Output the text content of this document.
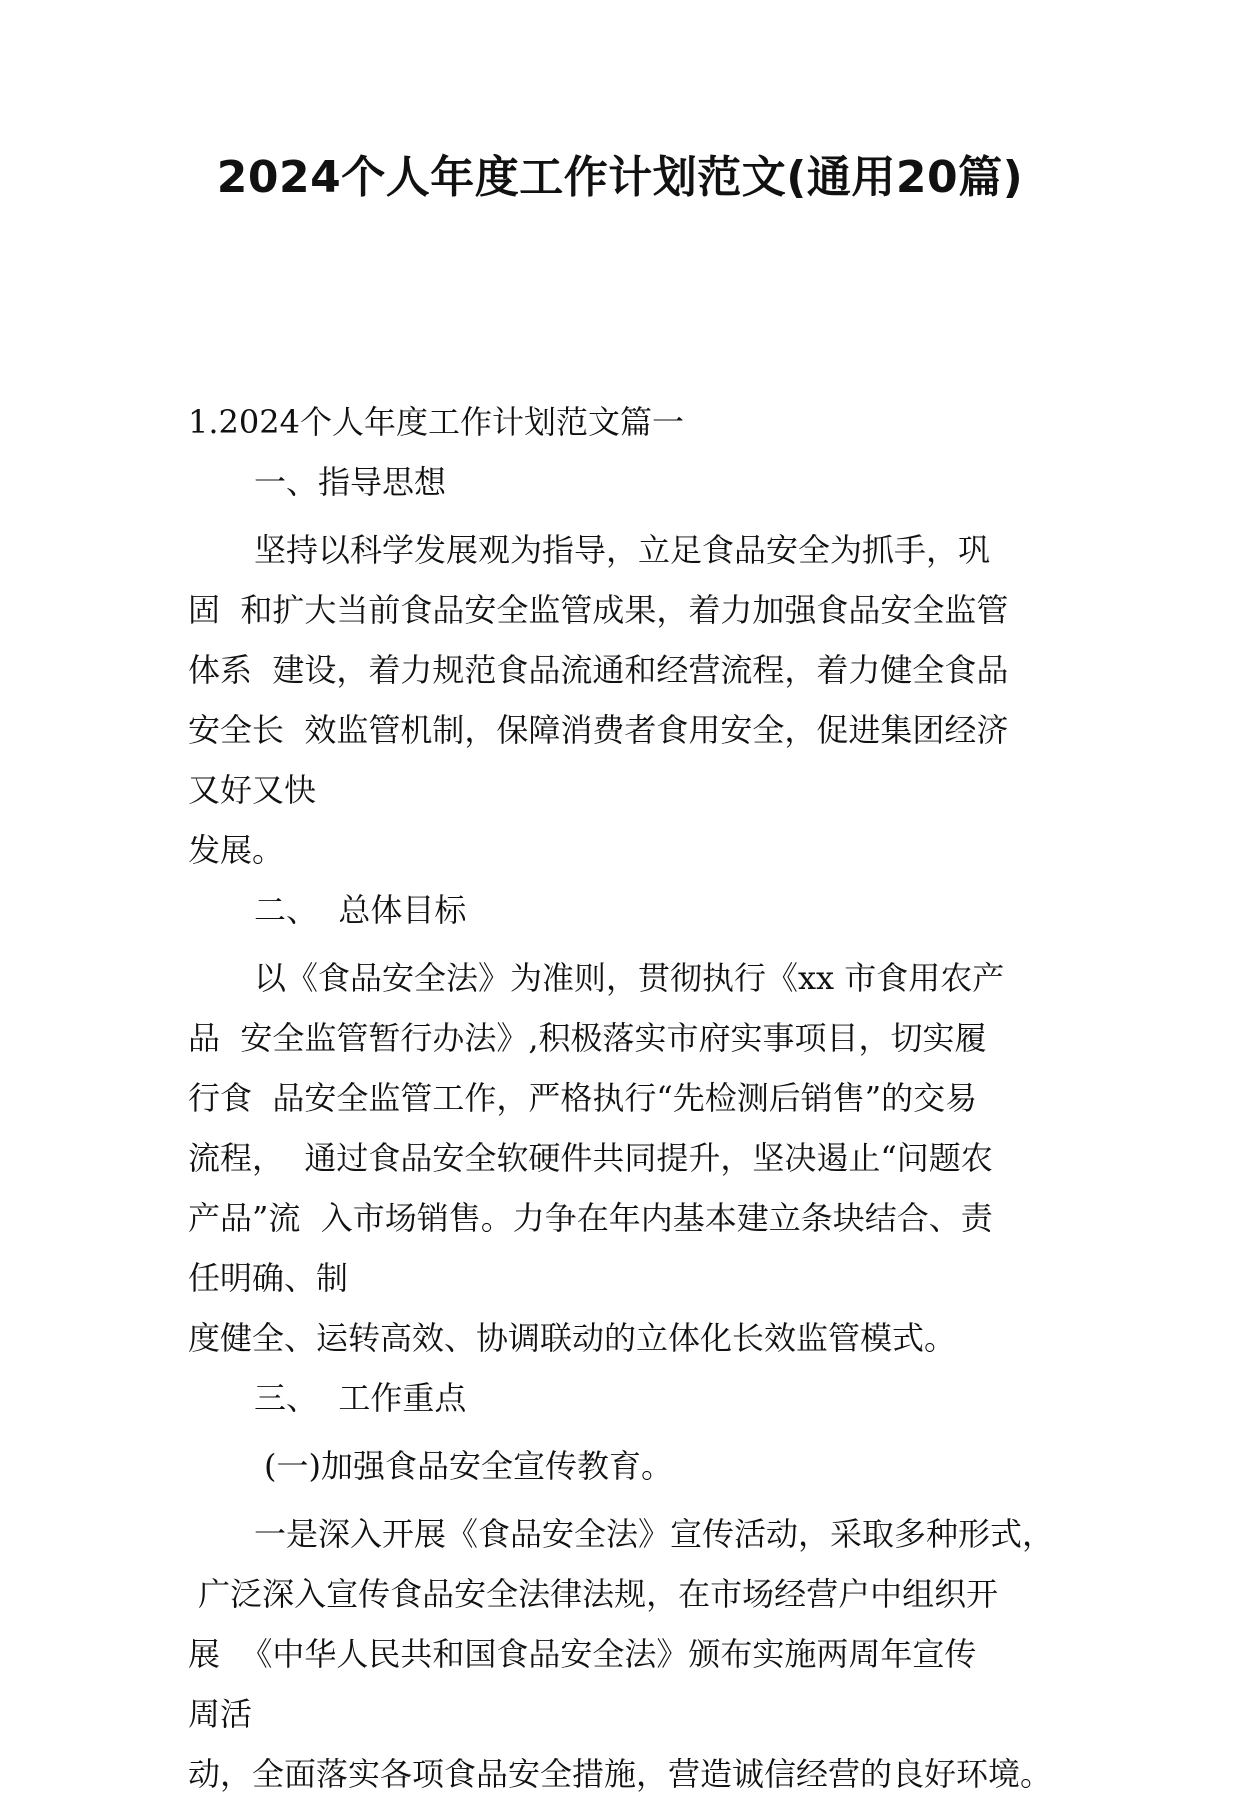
2024个人年度工作计划范文(通用20篇)

1.2024个人年度工作计划范文篇一

一、指导思想

坚持以科学发展观为指导，立足食品安全为抓手，巩

固  和扩大当前食品安全监管成果，着力加强食品安全监管

体系  建设，着力规范食品流通和经营流程，着力健全食品

安全长  效监管机制，保障消费者食用安全，促进集团经济

又好又快

发展。

二、  总体目标

以《食品安全法》为准则，贯彻执行《xx 市食用农产

品  安全监管暂行办法》,积极落实市府实事项目，切实履

行食  品安全监管工作，严格执行“先检测后销售”的交易

流程，  通过食品安全软硬件共同提升，坚决遏止“问题农

产品”流  入市场销售。力争在年内基本建立条块结合、责

任明确、制

度健全、运转高效、协调联动的立体化长效监管模式。

三、  工作重点

(一)加强食品安全宣传教育。

一是深入开展《食品安全法》宣传活动，采取多种形式，

广泛深入宣传食品安全法律法规，在市场经营户中组织开

展  《中华人民共和国食品安全法》颁布实施两周年宣传

周活

动，全面落实各项食品安全措施，营造诚信经营的良好环境。
